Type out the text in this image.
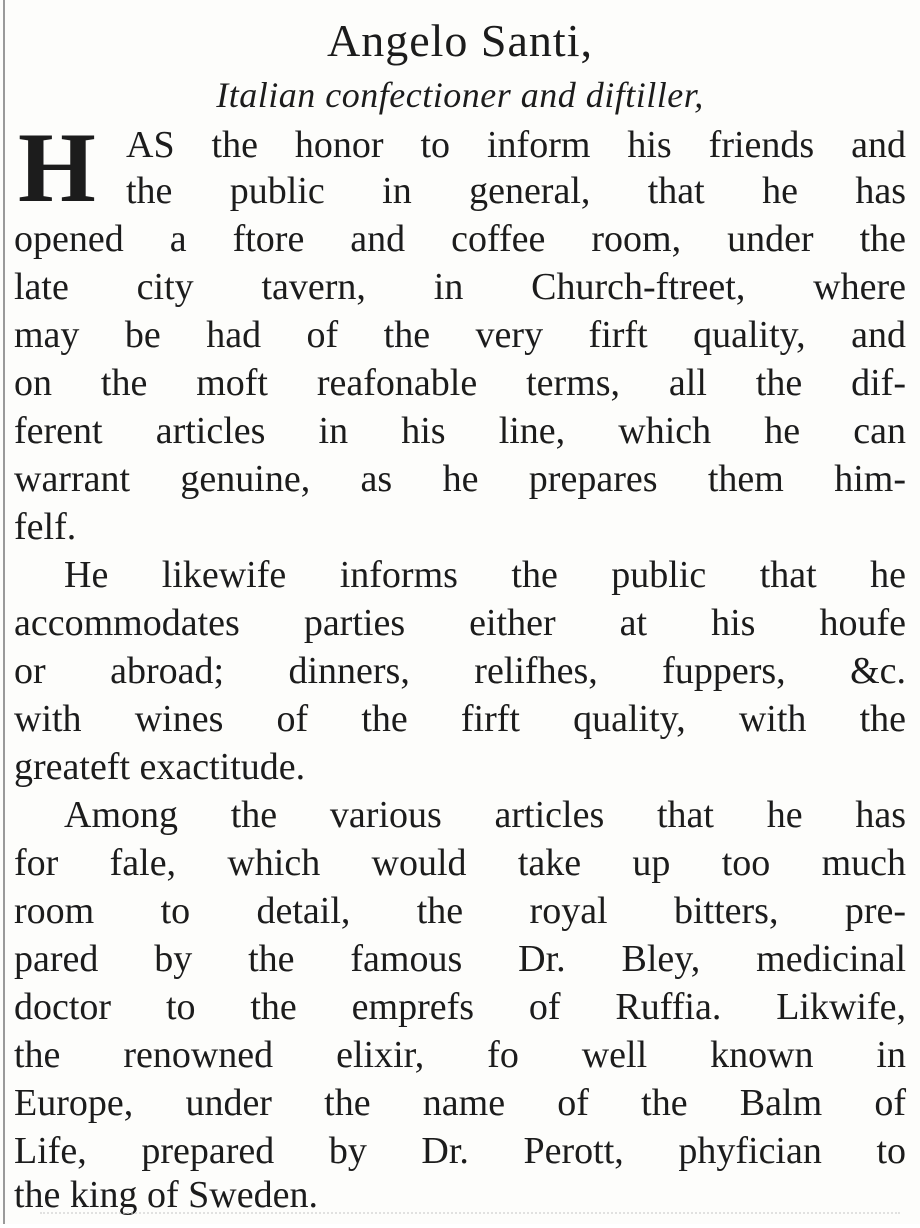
Angelo Santi,
Italian confectioner and diftiller,
H AS the honor to inform his friends and
the public in general, that he has
opened a ftore and coffee room, under the
late city tavern, in Church-ftreet, where
may be had of the very firft quality, and
on the moft reafonable terms, all the dif-
ferent articles in his line, which he can
warrant genuine, as he prepares them him-
felf.
He likewife informs the public that he
accommodates parties either at his houfe
or abroad; dinners, relifhes, fuppers, &c.
with wines of the firft quality, with the
greateft exactitude.
Among the various articles that he has
for fale, which would take up too much
room to detail, the royal bitters, pre-
pared by the famous Dr. Bley, medicinal
doctor to the emprefs of Ruffia. Likwife,
the renowned elixir, fo well known in
Europe, under the name of the Balm of
Life, prepared by Dr. Perott, phyfician to
the king of Sweden.
